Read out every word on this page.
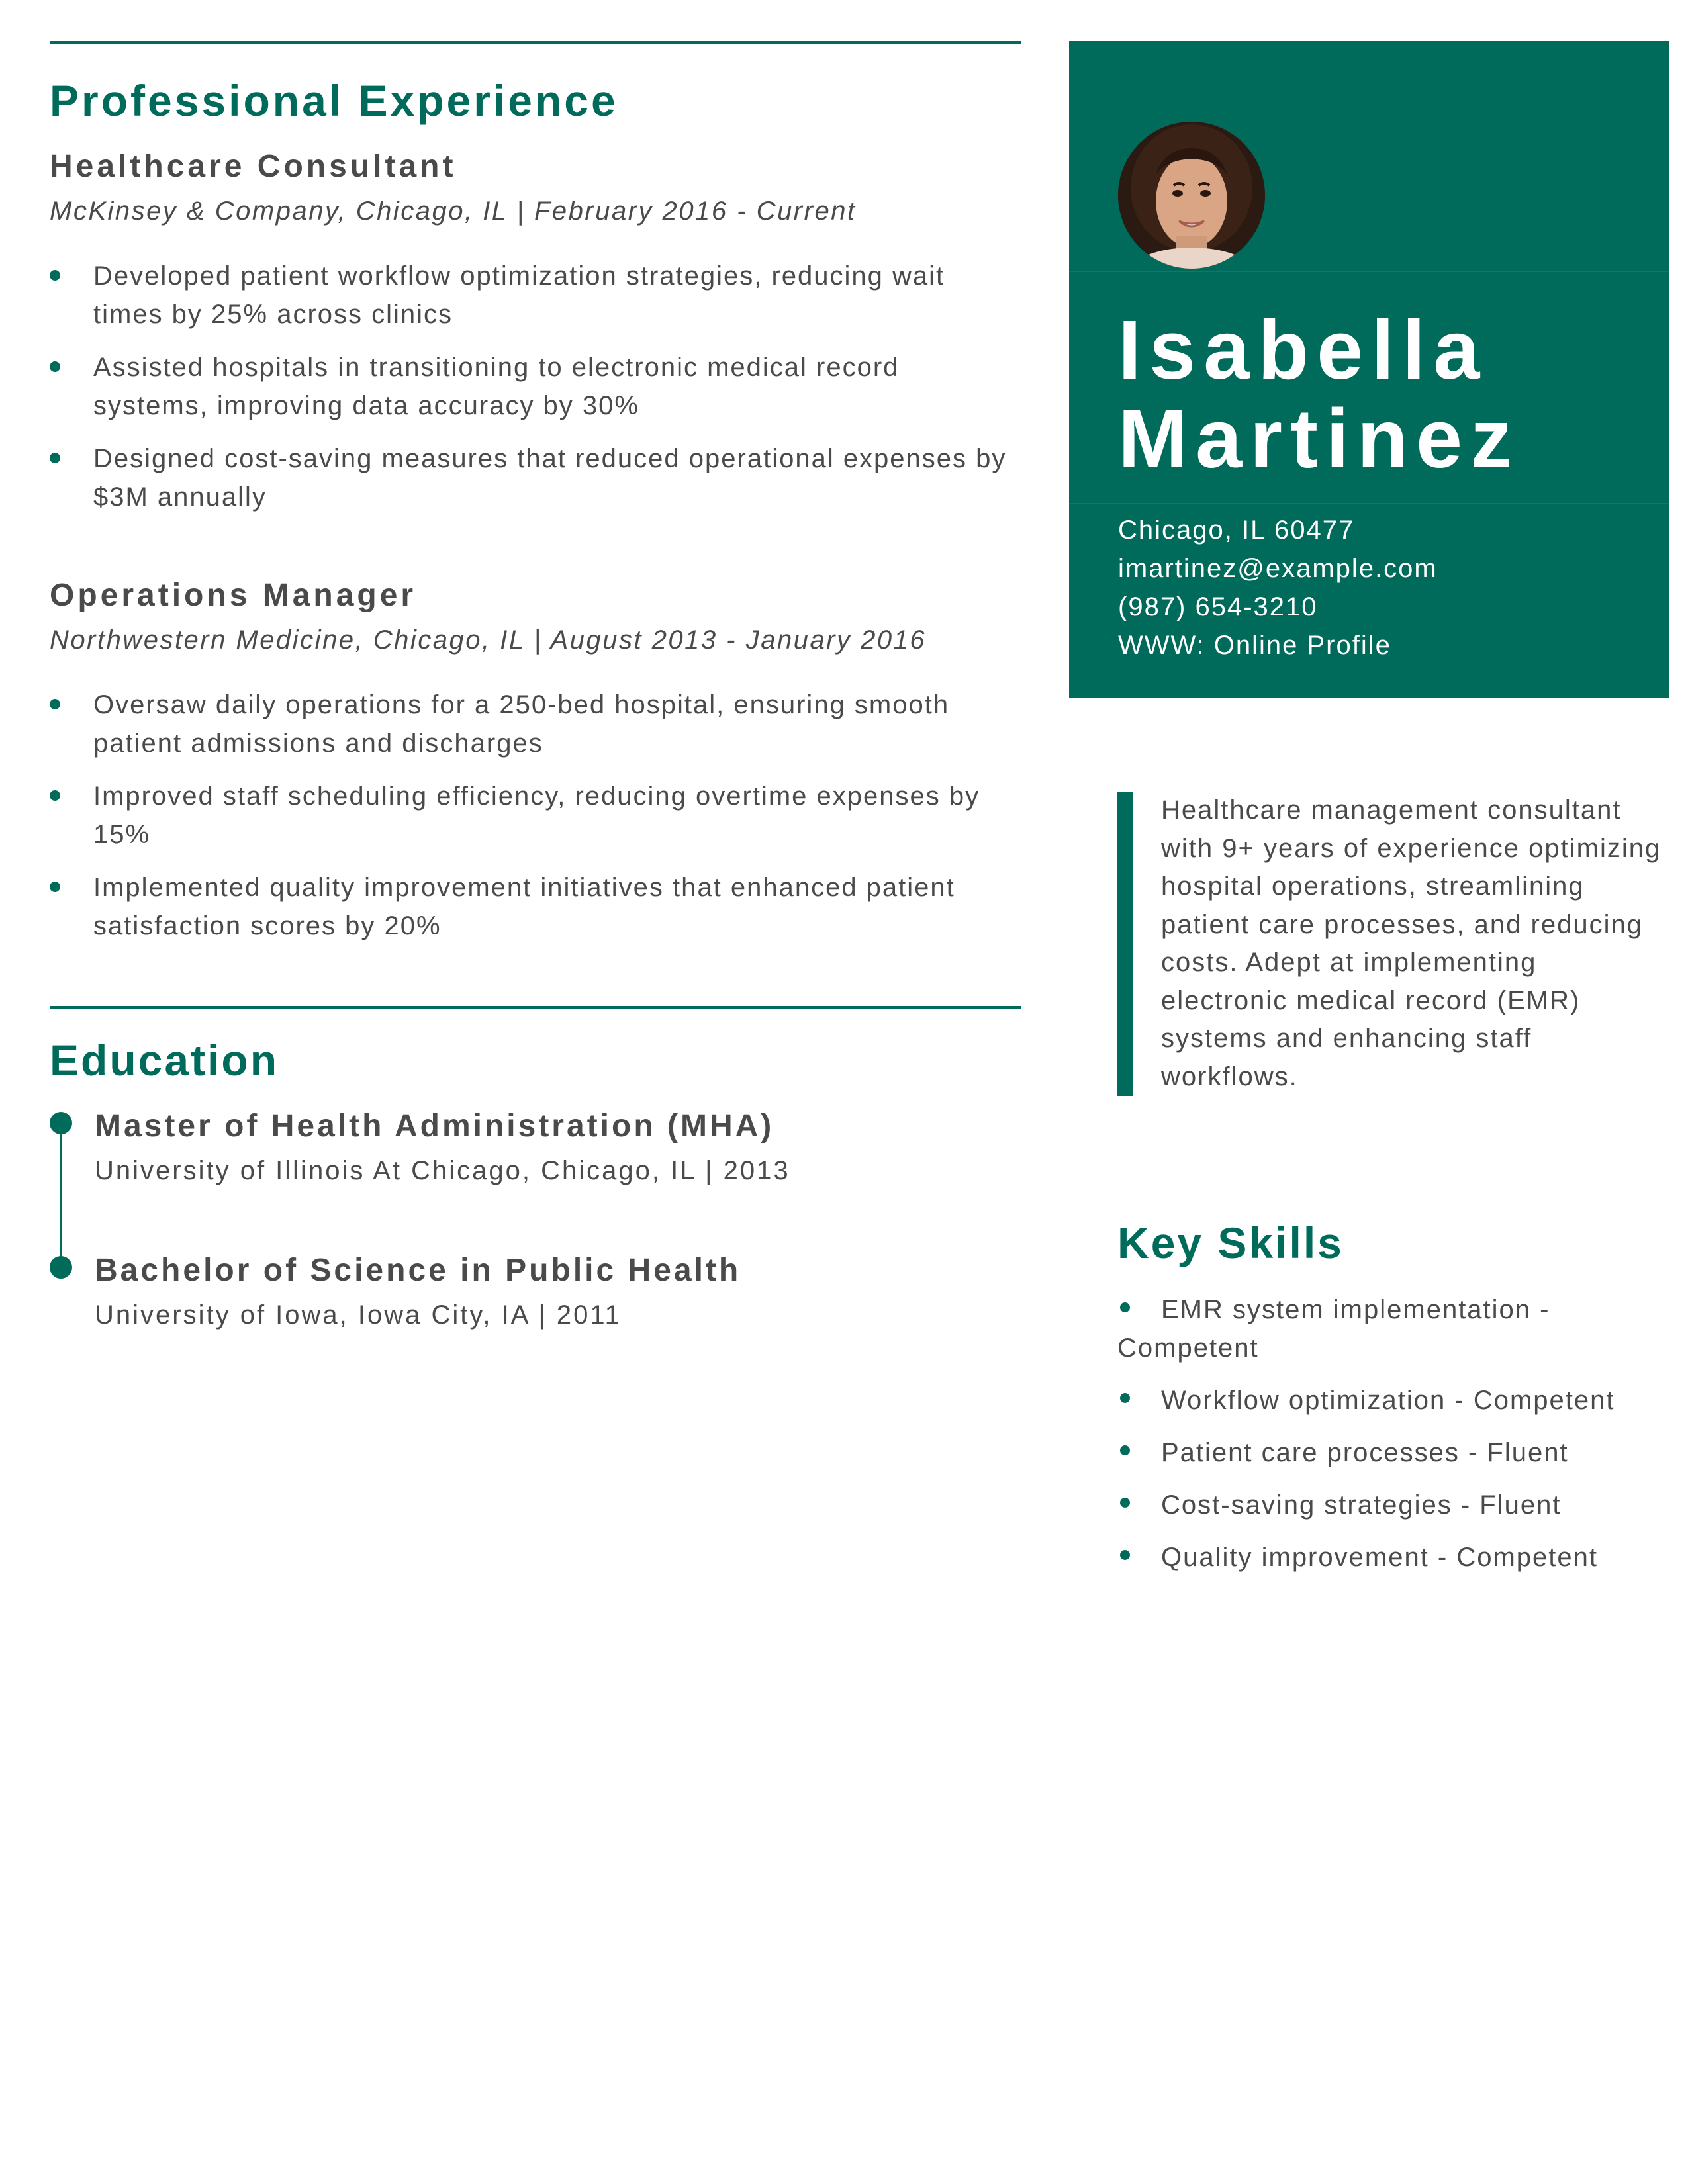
Professional Experience
Healthcare Consultant
McKinsey & Company, Chicago, IL | February 2016 - Current
Developed patient workflow optimization strategies, reducing wait times by 25% across clinics
Assisted hospitals in transitioning to electronic medical record systems, improving data accuracy by 30%
Designed cost-saving measures that reduced operational expenses by $3M annually
Operations Manager
Northwestern Medicine, Chicago, IL | August 2013 - January 2016
Oversaw daily operations for a 250-bed hospital, ensuring smooth patient admissions and discharges
Improved staff scheduling efficiency, reducing overtime expenses by 15%
Implemented quality improvement initiatives that enhanced patient satisfaction scores by 20%
Education
Master of Health Administration (MHA)
University of Illinois At Chicago, Chicago, IL | 2013
Bachelor of Science in Public Health
University of Iowa, Iowa City, IA | 2011
Isabella
Martinez
Chicago, IL 60477
imartinez@example.com
(987) 654-3210
WWW: Online Profile
Healthcare management consultant with 9+ years of experience optimizing hospital operations, streamlining patient care processes, and reducing costs. Adept at implementing electronic medical record (EMR) systems and enhancing staff workflows.
Key Skills
EMR system implementation - Competent
Workflow optimization - Competent
Patient care processes - Fluent
Cost-saving strategies - Fluent
Quality improvement - Competent
